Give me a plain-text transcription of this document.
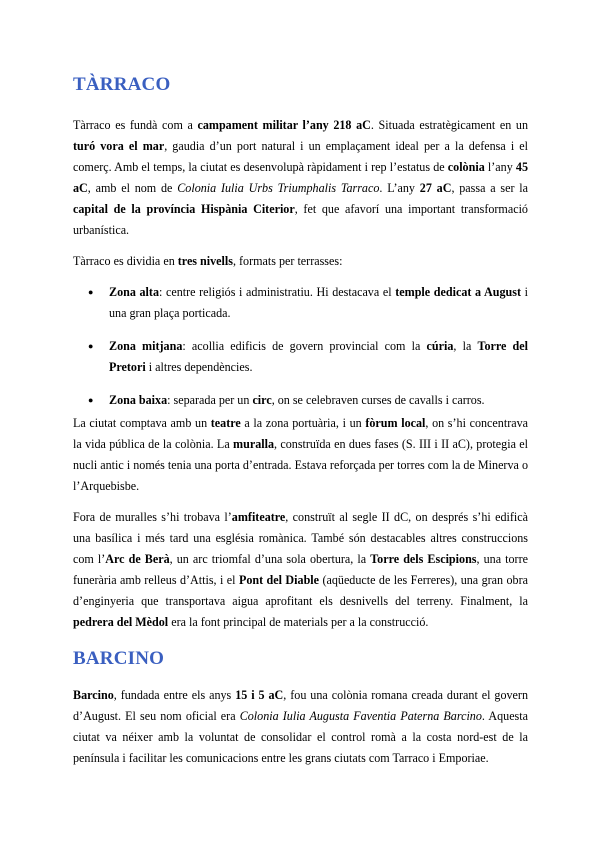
TÀRRACO

Tàrraco es fundà com a campament militar l’any 218 aC. Situada estratègicament en un turó vora el mar, gaudia d’un port natural i un emplaçament ideal per a la defensa i el comerç. Amb el temps, la ciutat es desenvolupà ràpidament i rep l’estatus de colònia l’any 45 aC, amb el nom de Colonia Iulia Urbs Triumphalis Tarraco. L’any 27 aC, passa a ser la capital de la província Hispània Citerior, fet que afavorí una important transformació urbanística.

Tàrraco es dividia en tres nivells, formats per terrasses:

● Zona alta: centre religiós i administratiu. Hi destacava el temple dedicat a August i una gran plaça porticada.
● Zona mitjana: acollia edificis de govern provincial com la cúria, la Torre del Pretori i altres dependències.
● Zona baixa: separada per un circ, on se celebraven curses de cavalls i carros.

La ciutat comptava amb un teatre a la zona portuària, i un fòrum local, on s’hi concentrava la vida pública de la colònia. La muralla, construïda en dues fases (S. III i II aC), protegia el nucli antic i només tenia una porta d’entrada. Estava reforçada per torres com la de Minerva o l’Arquebisbe.

Fora de muralles s’hi trobava l’amfiteatre, construït al segle II dC, on després s’hi edificà una basílica i més tard una església romànica. També són destacables altres construccions com l’Arc de Berà, un arc triomfal d’una sola obertura, la Torre dels Escipions, una torre funerària amb relleus d’Attis, i el Pont del Diable (aqüeducte de les Ferreres), una gran obra d’enginyeria que transportava aigua aprofitant els desnivells del terreny. Finalment, la pedrera del Mèdol era la font principal de materials per a la construcció.

BARCINO

Barcino, fundada entre els anys 15 i 5 aC, fou una colònia romana creada durant el govern d’August. El seu nom oficial era Colonia Iulia Augusta Faventia Paterna Barcino. Aquesta ciutat va néixer amb la voluntat de consolidar el control romà a la costa nord-est de la península i facilitar les comunicacions entre les grans ciutats com Tarraco i Emporiae.
